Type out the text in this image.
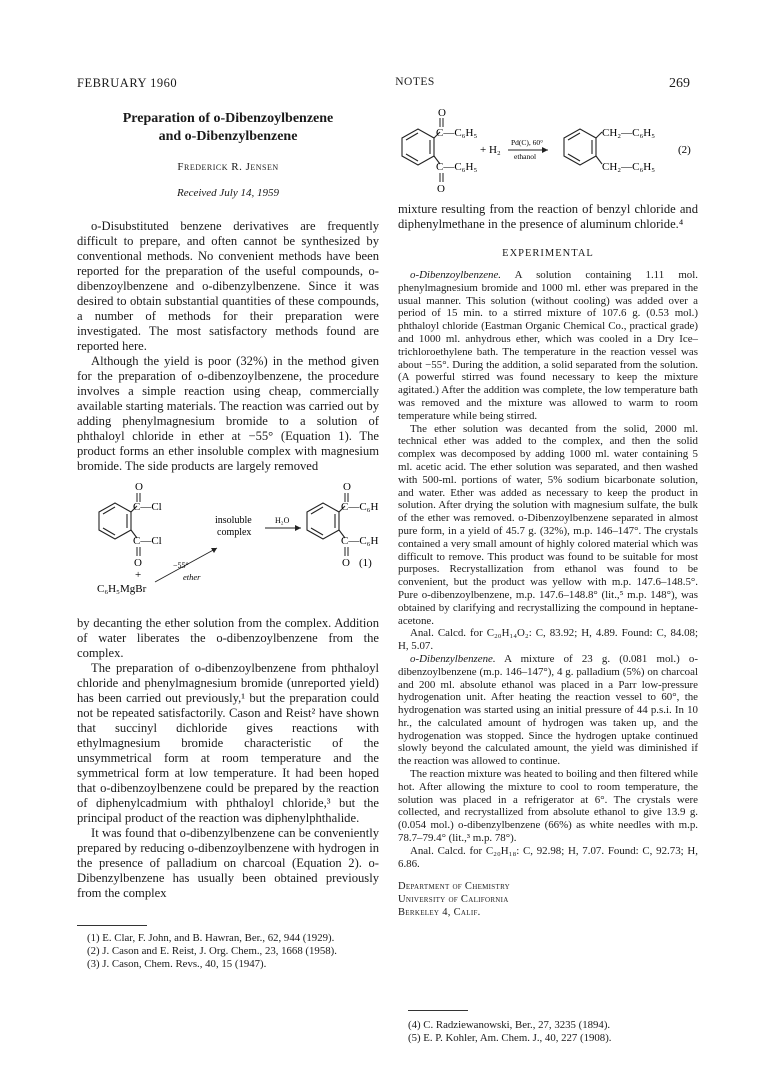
FEBRUARY 1960	NOTES	269
Preparation of o-Dibenzoylbenzene
and o-Dibenzylbenzene
Frederick R. Jensen
Received July 14, 1959

o-Disubstituted benzene derivatives are frequently difficult to prepare, and often cannot be synthesized by conventional methods. No convenient methods have been reported for the preparation of the useful compounds, o-dibenzoylbenzene and o-dibenzylbenzene. Since it was desired to obtain substantial quantities of these compounds, a number of methods for their preparation were investigated. The most satisfactory methods found are reported here.

Although the yield is poor (32%) in the method given for the preparation of o-dibenzoylbenzene, the procedure involves a simple reaction using cheap, commercially available starting materials. The reaction was carried out by adding phenylmagnesium bromide to a solution of phthaloyl chloride in ether at −55° (Equation 1). The product forms an ether insoluble complex with magnesium bromide. The side products are largely removed

O
C—Cl
C—Cl
O
+
C₆H₅MgBr
−55°
ether
insoluble
complex
H₂O
O
C—C₆H₅
C—C₆H₅
O (1)

by decanting the ether solution from the complex. Addition of water liberates the o-dibenzoylbenzene from the complex.

The preparation of o-dibenzoylbenzene from phthaloyl chloride and phenylmagnesium bromide (unreported yield) has been carried out previously,¹ but the preparation could not be repeated satisfactorily. Cason and Reist² have shown that succinyl dichloride gives reactions with ethylmagnesium bromide characteristic of the unsymmetrical form at room temperature and the symmetrical form at low temperature. It had been hoped that o-dibenzoylbenzene could be prepared by the reaction of diphenylcadmium with phthaloyl chloride,³ but the principal product of the reaction was diphenylphthalide.

It was found that o-dibenzylbenzene can be conveniently prepared by reducing o-dibenzoylbenzene with hydrogen in the presence of palladium on charcoal (Equation 2). o-Dibenzylbenzene has usually been obtained previously from the complex

(1) E. Clar, F. John, and B. Hawran, Ber., 62, 944 (1929).
(2) J. Cason and E. Reist, J. Org. Chem., 23, 1668 (1958).
(3) J. Cason, Chem. Revs., 40, 15 (1947).
O
C—C₆H₅
C—C₆H₅
O
+ H₂
Pd(C), 60°
ethanol
CH₂—C₆H₅
CH₂—C₆H₅
(2)

mixture resulting from the reaction of benzyl chloride and diphenylmethane in the presence of aluminum chloride.⁴

EXPERIMENTAL

o-Dibenzoylbenzene. A solution containing 1.11 mol. phenylmagnesium bromide and 1000 ml. ether was prepared in the usual manner. This solution (without cooling) was added over a period of 15 min. to a stirred mixture of 107.6 g. (0.53 mol.) phthaloyl chloride (Eastman Organic Chemical Co., practical grade) and 1000 ml. anhydrous ether, which was cooled in a Dry Ice–trichloroethylene bath. The temperature in the reaction vessel was about −55°. During the addition, a solid separated from the solution. (A powerful stirred was found necessary to keep the mixture agitated.) After the addition was complete, the low temperature bath was removed and the mixture was allowed to warm to room temperature while being stirred.

The ether solution was decanted from the solid, 2000 ml. technical ether was added to the complex, and then the solid complex was decomposed by adding 1000 ml. water containing 5 ml. acetic acid. The ether solution was separated, and then washed with 500-ml. portions of water, 5% sodium bicarbonate solution, and water. Ether was added as necessary to keep the product in solution. After drying the solution with magnesium sulfate, the bulk of the ether was removed. o-Dibenzoylbenzene separated in almost pure form, in a yield of 45.7 g. (32%), m.p. 146–147°. The crystals contained a very small amount of highly colored material which was difficult to remove. This product was found to be suitable for most purposes. Recrystallization from ethanol was found to be convenient, but the product was yellow with m.p. 147.6–148.5°. Pure o-dibenzoylbenzene, m.p. 147.6–148.8° (lit.,⁵ m.p. 148°), was obtained by clarifying and recrystallizing the compound in heptane-acetone.

Anal. Calcd. for C₂₀H₁₄O₂: C, 83.92; H, 4.89. Found: C, 84.08; H, 5.07.

o-Dibenzylbenzene. A mixture of 23 g. (0.081 mol.) o-dibenzoylbenzene (m.p. 146–147°), 4 g. palladium (5%) on charcoal and 200 ml. absolute ethanol was placed in a Parr low-pressure hydrogenation unit. After heating the reaction vessel to 60°, the hydrogenation was started using an initial pressure of 44 p.s.i. In 10 hr., the calculated amount of hydrogen was taken up, and the hydrogenation was stopped. Since the hydrogen uptake continued slowly beyond the calculated amount, the yield was diminished if the reaction was allowed to continue.

The reaction mixture was heated to boiling and then filtered while hot. After allowing the mixture to cool to room temperature, the solution was placed in a refrigerator at 6°. The crystals were collected, and recrystallized from absolute ethanol to give 13.9 g. (0.054 mol.) o-dibenzylbenzene (66%) as white needles with m.p. 78.7–79.4° (lit.,³ m.p. 78°).

Anal. Calcd. for C₂₀H₁₈: C, 92.98; H, 7.07. Found: C, 92.73; H, 6.86.

Department of Chemistry
University of California
Berkeley 4, Calif.
(4) C. Radziewanowski, Ber., 27, 3235 (1894).
(5) E. P. Kohler, Am. Chem. J., 40, 227 (1908).
